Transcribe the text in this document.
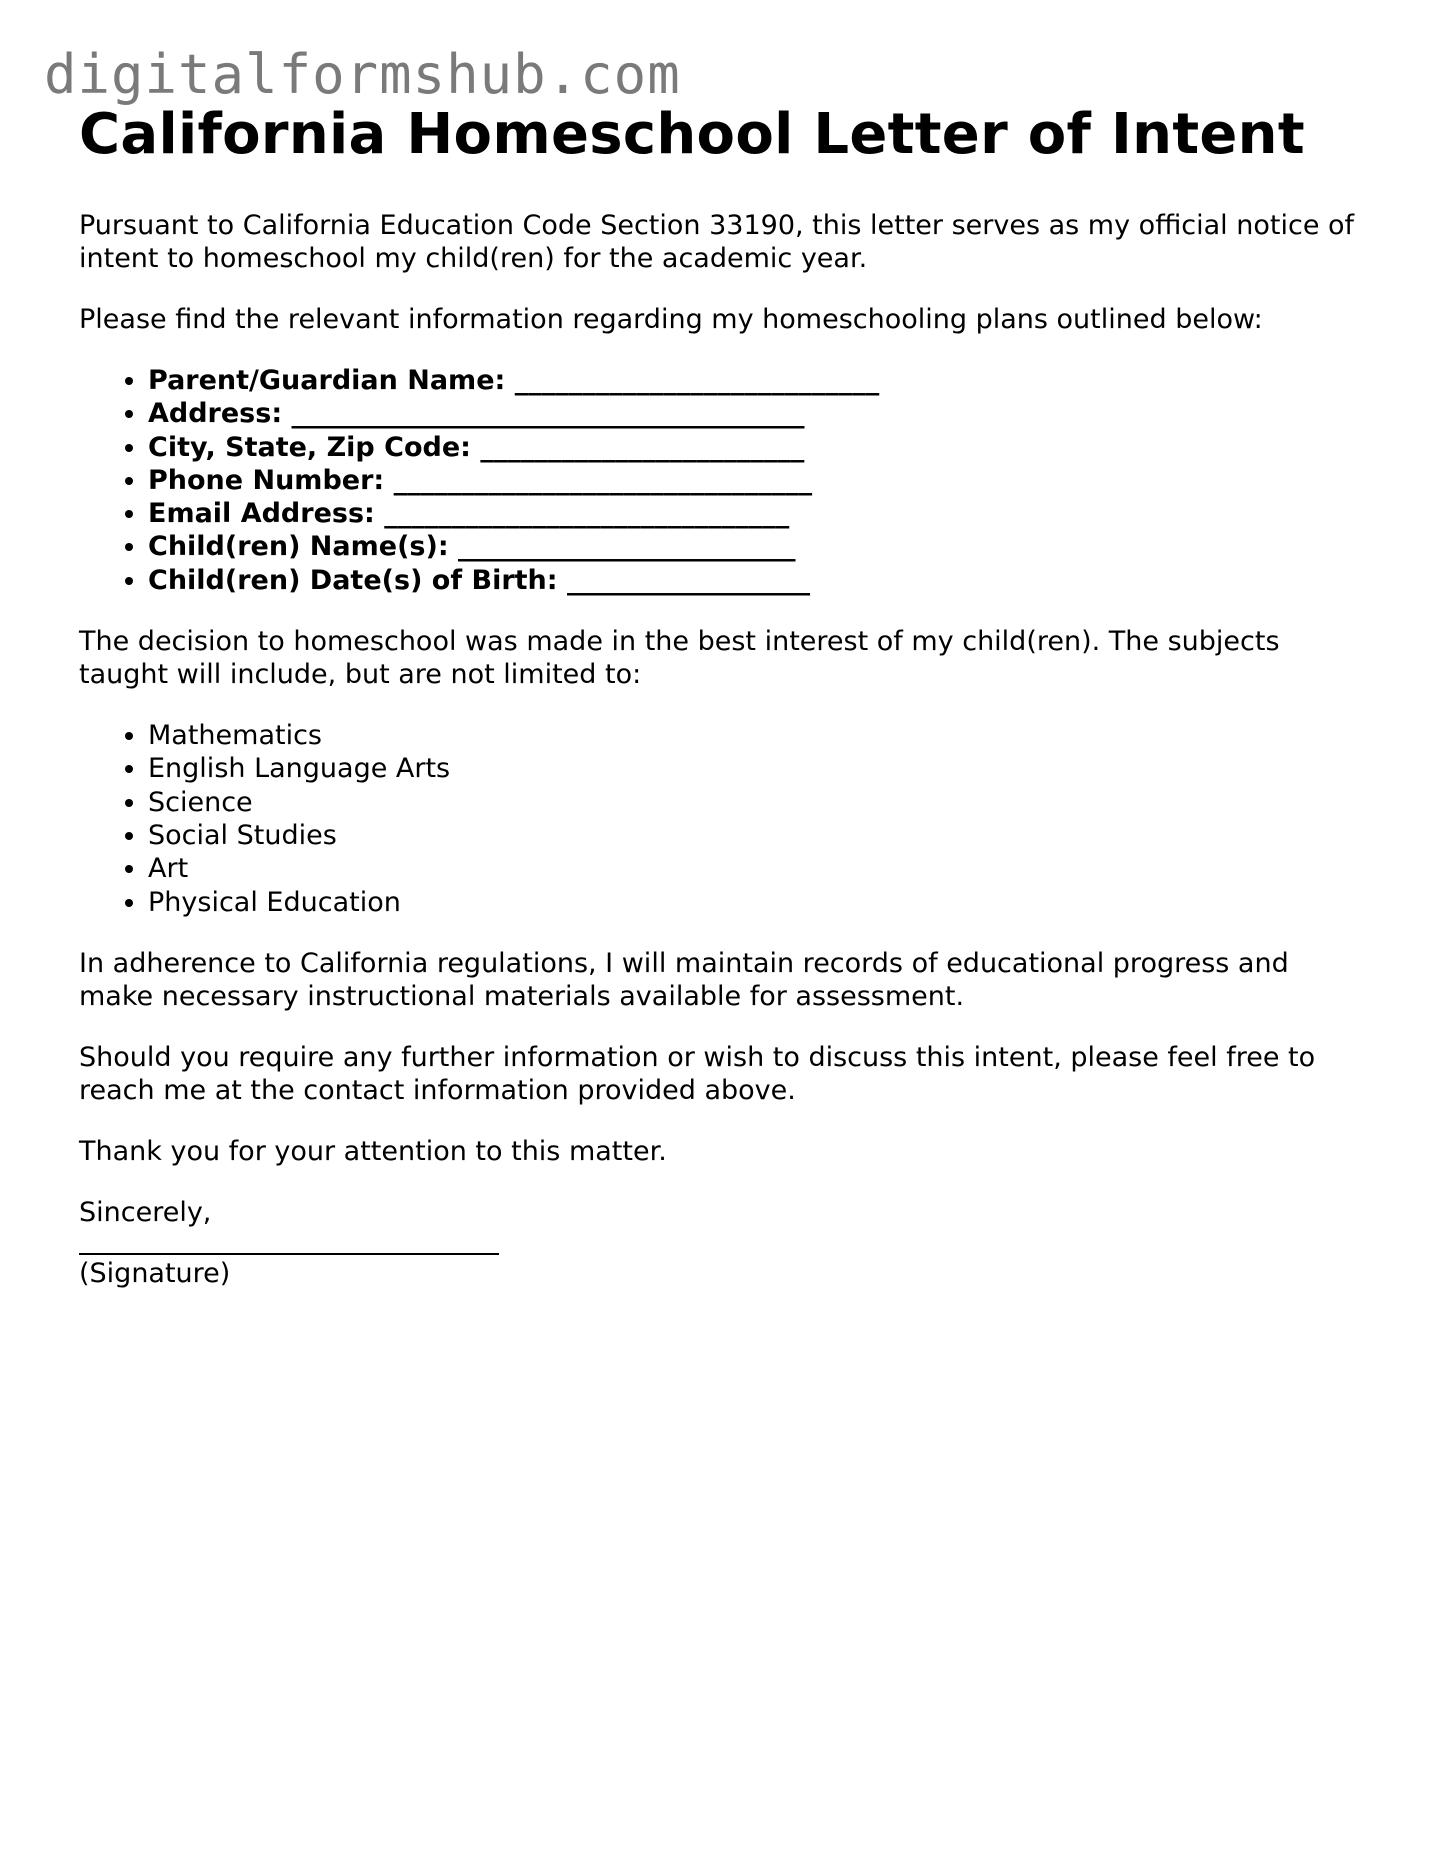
digitalformshub.com
California Homeschool Letter of Intent

Pursuant to California Education Code Section 33190, this letter serves as my official notice of intent to homeschool my child(ren) for the academic year.

Please find the relevant information regarding my homeschooling plans outlined below:

• Parent/Guardian Name: ___________________________
• Address: ______________________________________
• City, State, Zip Code: ________________________
• Phone Number: _______________________________
• Email Address: ______________________________
• Child(ren) Name(s): _________________________
• Child(ren) Date(s) of Birth: __________________

The decision to homeschool was made in the best interest of my child(ren). The subjects taught will include, but are not limited to:

• Mathematics
• English Language Arts
• Science
• Social Studies
• Art
• Physical Education

In adherence to California regulations, I will maintain records of educational progress and make necessary instructional materials available for assessment.

Should you require any further information or wish to discuss this intent, please feel free to reach me at the contact information provided above.

Thank you for your attention to this matter.

Sincerely,

(Signature)
